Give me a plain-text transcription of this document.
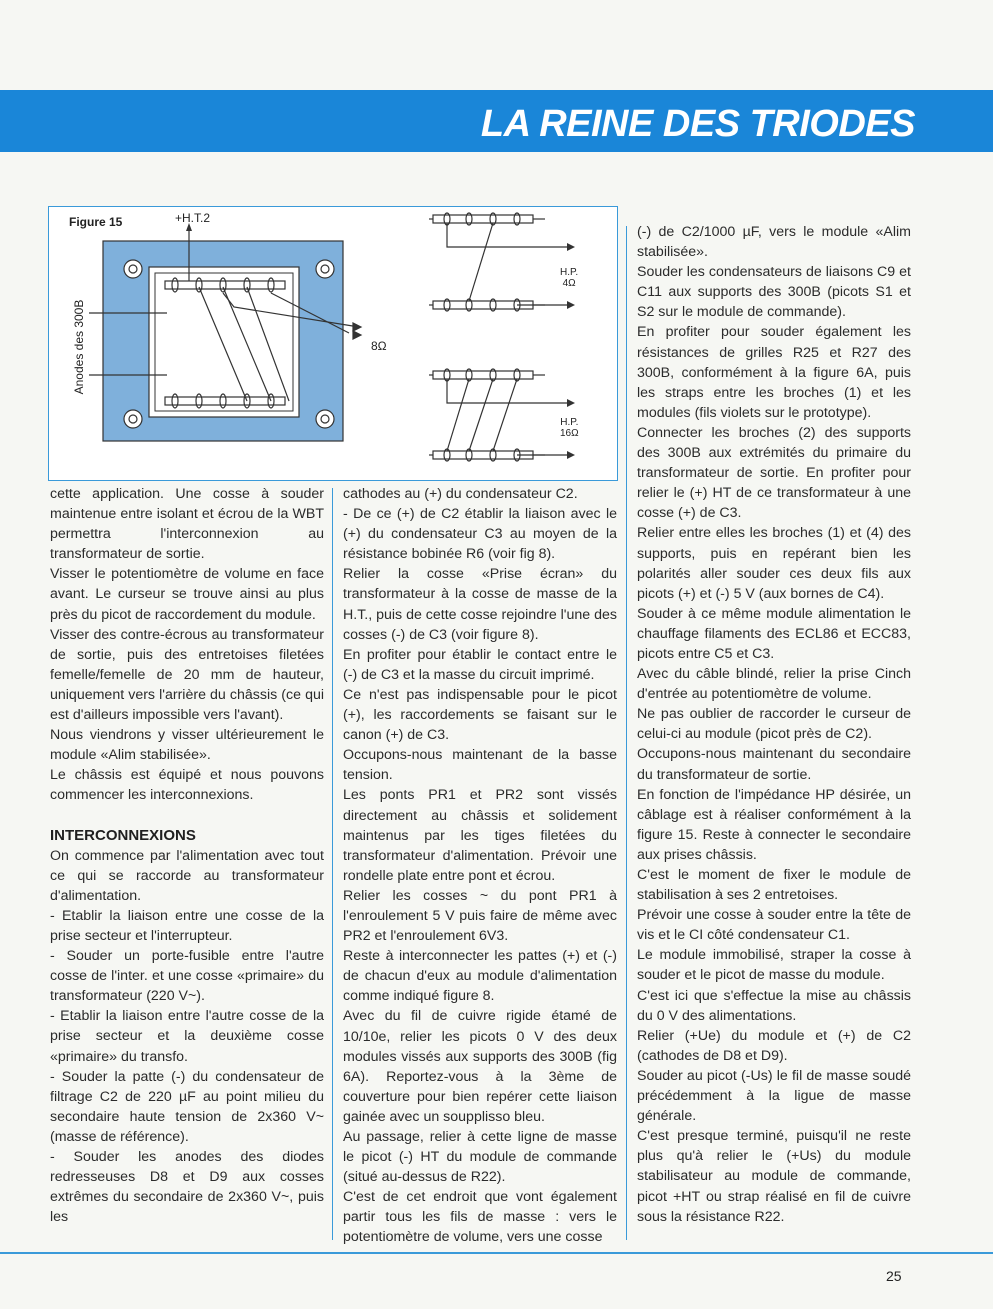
LA REINE DES TRIODES
Figure 15	+H.T.2
Anodes des 300B	8Ω
H.P.
4Ω
H.P.
16Ω

cette application. Une cosse à souder maintenue entre isolant et écrou de la WBT permettra l'interconnexion au transformateur de sortie.

Visser le potentiomètre de volume en face avant. Le curseur se trouve ainsi au plus près du picot de raccordement du module.

Visser des contre-écrous au transformateur de sortie, puis des entretoises filetées femelle/femelle de 20 mm de hauteur, uniquement vers l'arrière du châssis (ce qui est d'ailleurs impossible vers l'avant).

Nous viendrons y visser ultérieurement le module «Alim stabilisée».

Le châssis est équipé et nous pouvons commencer les interconnexions.

INTERCONNEXIONS

On commence par l'alimentation avec tout ce qui se raccorde au transformateur d'alimentation.

- Etablir la liaison entre une cosse de la prise secteur et l'interrupteur.

- Souder un porte-fusible entre l'autre cosse de l'inter. et une cosse «primaire» du transformateur (220 V~).

- Etablir la liaison entre l'autre cosse de la prise secteur et la deuxième cosse «primaire» du transfo.

- Souder la patte (-) du condensateur de filtrage C2 de 220 µF au point milieu du secondaire haute tension de 2x360 V~ (masse de référence).

- Souder les anodes des diodes redresseuses D8 et D9 aux cosses extrêmes du secondaire de 2x360 V~, puis les

cathodes au (+) du condensateur C2.

- De ce (+) de C2 établir la liaison avec le (+) du condensateur C3 au moyen de la résistance bobinée R6 (voir fig 8).

Relier la cosse «Prise écran» du transformateur à la cosse de masse de la H.T., puis de cette cosse rejoindre l'une des cosses (-) de C3 (voir figure 8).

En profiter pour établir le contact entre le (-) de C3 et la masse du circuit imprimé.

Ce n'est pas indispensable pour le picot (+), les raccordements se faisant sur le canon (+) de C3.

Occupons-nous maintenant de la basse tension.

Les ponts PR1 et PR2 sont vissés directement au châssis et solidement maintenus par les tiges filetées du transformateur d'alimentation. Prévoir une rondelle plate entre pont et écrou.

Relier les cosses ~ du pont PR1 à l'enroulement 5 V puis faire de même avec PR2 et l'enroulement 6V3.

Reste à interconnecter les pattes (+) et (-) de chacun d'eux au module d'alimentation comme indiqué figure 8.

Avec du fil de cuivre rigide étamé de 10/10e, relier les picots 0 V des deux modules vissés aux supports des 300B (fig 6A). Reportez-vous à la 3ème de couverture pour bien repérer cette liaison gainée avec un soupplisso bleu.

Au passage, relier à cette ligne de masse le picot (-) HT du module de commande (situé au-dessus de R22).

C'est de cet endroit que vont également partir tous les fils de masse : vers le potentiomètre de volume, vers une cosse

(-) de C2/1000 µF, vers le module «Alim stabilisée».

Souder les condensateurs de liaisons C9 et C11 aux supports des 300B (picots S1 et S2 sur le module de commande).

En profiter pour souder également les résistances de grilles R25 et R27 des 300B, conformément à la figure 6A, puis les straps entre les broches (1) et les modules (fils violets sur le prototype).

Connecter les broches (2) des supports des 300B aux extrémités du primaire du transformateur de sortie. En profiter pour relier le (+) HT de ce transformateur à une cosse (+) de C3.

Relier entre elles les broches (1) et (4) des supports, puis en repérant bien les polarités aller souder ces deux fils aux picots (+) et (-) 5 V (aux bornes de C4).

Souder à ce même module alimentation le chauffage filaments des ECL86 et ECC83, picots entre C5 et C3.

Avec du câble blindé, relier la prise Cinch d'entrée au potentiomètre de volume.

Ne pas oublier de raccorder le curseur de celui-ci au module (picot près de C2).

Occupons-nous maintenant du secondaire du transformateur de sortie.

En fonction de l'impédance HP désirée, un câblage est à réaliser conformément à la figure 15. Reste à connecter le secondaire aux prises châssis.

C'est le moment de fixer le module de stabilisation à ses 2 entretoises.

Prévoir une cosse à souder entre la tête de vis et le CI côté condensateur C1.

Le module immobilisé, straper la cosse à souder et le picot de masse du module.

C'est ici que s'effectue la mise au châssis du 0 V des alimentations.

Relier (+Ue) du module et (+) de C2 (cathodes de D8 et D9).

Souder au picot (-Us) le fil de masse soudé précédemment à la ligue de masse générale.

C'est presque terminé, puisqu'il ne reste plus qu'à relier le (+Us) du module stabilisateur au module de commande, picot +HT ou strap réalisé en fil de cuivre sous la résistance R22.

25
